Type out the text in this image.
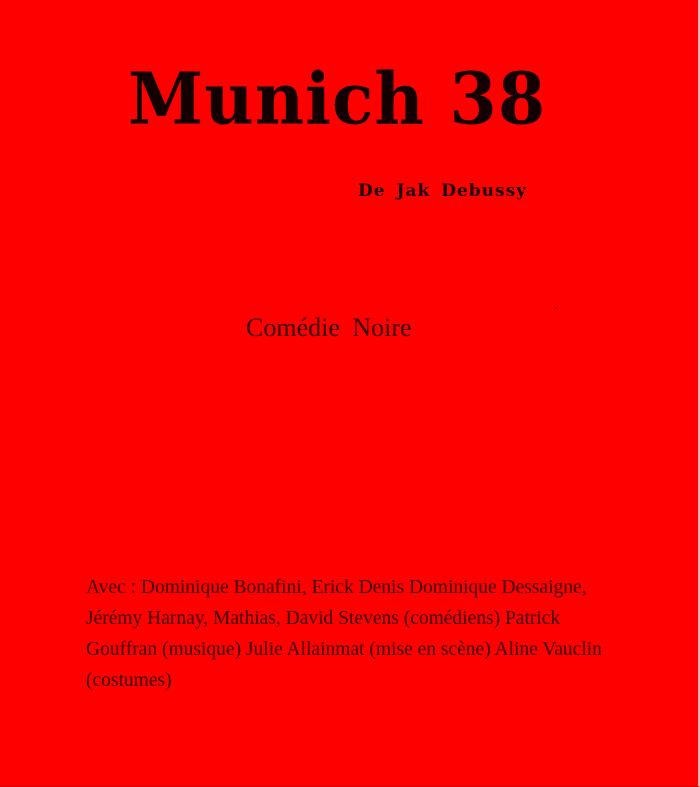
Munich 38

De Jak Debussy

Comédie Noire

Avec : Dominique Bonafini, Erick Denis Dominique Dessaigne, Jérémy Harnay, Mathias, David Stevens (comédiens) Patrick Gouffran (musique) Julie Allainmat (mise en scène) Aline Vauclin (costumes)
